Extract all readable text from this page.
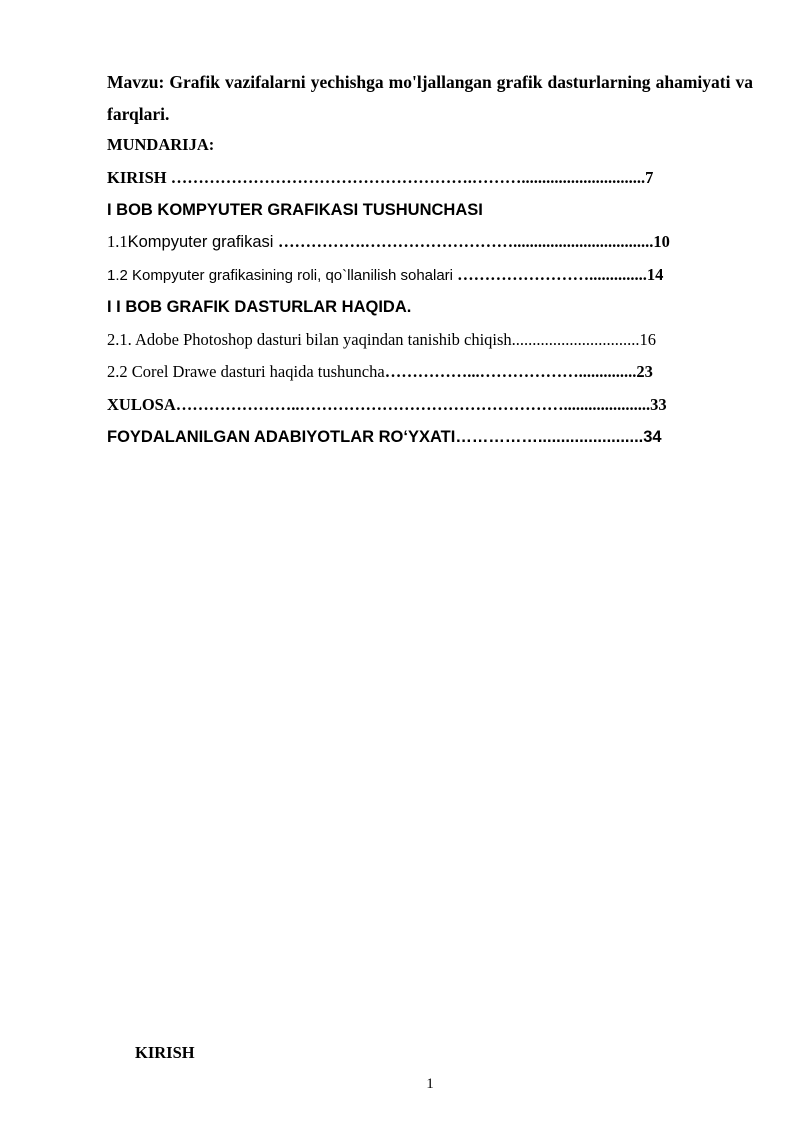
Mavzu: Grafik vazifalarni yechishga mo'ljallangan grafik dasturlarning ahamiyati va farqlari.
MUNDARIJA:
KIRISH ……………………………………………….………..............................7
I BOB KOMPYUTER GRAFIKASI TUSHUNCHASI
1.1Kompyuter grafikasi …………….………………………..................................10
1.2 Kompyuter grafikasining roli, qo`llanilish sohalari ……………………..............14
I I BOB GRAFIK DASTURLAR HAQIDA.
2.1. Adobe Photoshop dasturi bilan yaqindan tanishib chiqish...............................16
2.2 Corel Drawe dasturi haqida tushuncha……………...………………..............23
XULOSA…………………..………………………………………….....................33
FOYDALANILGAN ADABIYOTLAR RO‘YXATI…………….......................34
KIRISH
1
